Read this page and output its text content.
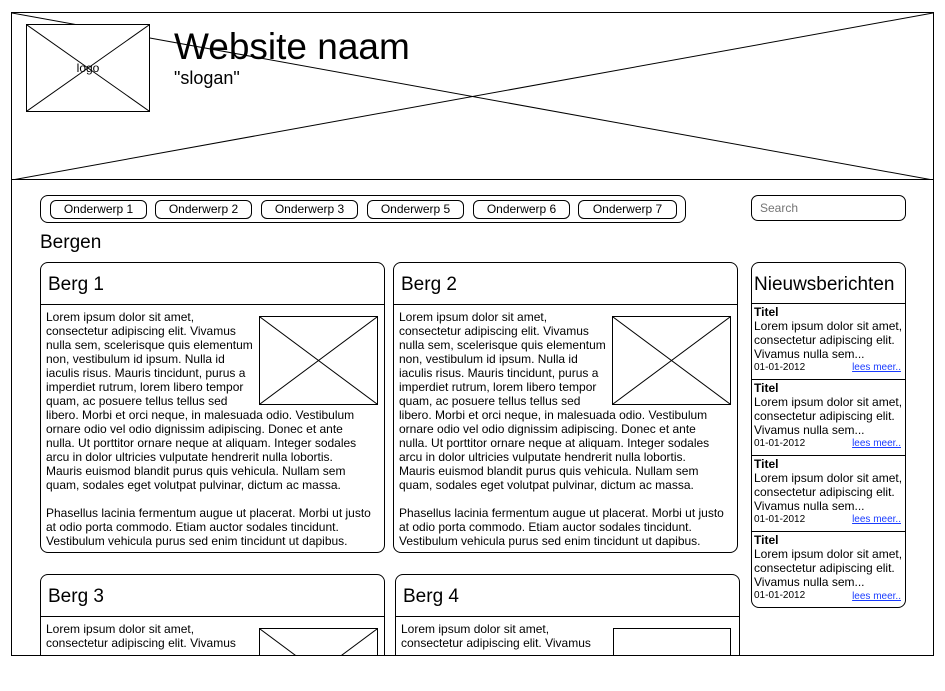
logo
Website naam
"slogan"
Onderwerp 1	Onderwerp 2	Onderwerp 3	Onderwerp 5	Onderwerp 6	Onderwerp 7
Search
Bergen
Berg 1
Lorem ipsum dolor sit amet,
consectetur adipiscing elit. Vivamus
nulla sem, scelerisque quis elementum
non, vestibulum id ipsum. Nulla id
iaculis risus. Mauris tincidunt, purus a
imperdiet rutrum, lorem libero tempor
quam, ac posuere tellus tellus sed
libero. Morbi et orci neque, in malesuada odio. Vestibulum
ornare odio vel odio dignissim adipiscing. Donec et ante
nulla. Ut porttitor ornare neque at aliquam. Integer sodales
arcu in dolor ultricies vulputate hendrerit nulla lobortis.
Mauris euismod blandit purus quis vehicula. Nullam sem
quam, sodales eget volutpat pulvinar, dictum ac massa.
Phasellus lacinia fermentum augue ut placerat. Morbi ut justo
at odio porta commodo. Etiam auctor sodales tincidunt.
Vestibulum vehicula purus sed enim tincidunt ut dapibus.
Berg 2
Lorem ipsum dolor sit amet,
consectetur adipiscing elit. Vivamus
nulla sem, scelerisque quis elementum
non, vestibulum id ipsum. Nulla id
iaculis risus. Mauris tincidunt, purus a
imperdiet rutrum, lorem libero tempor
quam, ac posuere tellus tellus sed
libero. Morbi et orci neque, in malesuada odio. Vestibulum
ornare odio vel odio dignissim adipiscing. Donec et ante
nulla. Ut porttitor ornare neque at aliquam. Integer sodales
arcu in dolor ultricies vulputate hendrerit nulla lobortis.
Mauris euismod blandit purus quis vehicula. Nullam sem
quam, sodales eget volutpat pulvinar, dictum ac massa.
Phasellus lacinia fermentum augue ut placerat. Morbi ut justo
at odio porta commodo. Etiam auctor sodales tincidunt.
Vestibulum vehicula purus sed enim tincidunt ut dapibus.
Berg 3
Lorem ipsum dolor sit amet,
consectetur adipiscing elit. Vivamus
Berg 4
Lorem ipsum dolor sit amet,
consectetur adipiscing elit. Vivamus
Nieuwsberichten
Titel
Lorem ipsum dolor sit amet,
consectetur adipiscing elit.
Vivamus nulla sem...
01-01-2012	lees meer..
Titel
Lorem ipsum dolor sit amet,
consectetur adipiscing elit.
Vivamus nulla sem...
01-01-2012	lees meer..
Titel
Lorem ipsum dolor sit amet,
consectetur adipiscing elit.
Vivamus nulla sem...
01-01-2012	lees meer..
Titel
Lorem ipsum dolor sit amet,
consectetur adipiscing elit.
Vivamus nulla sem...
01-01-2012	lees meer..
